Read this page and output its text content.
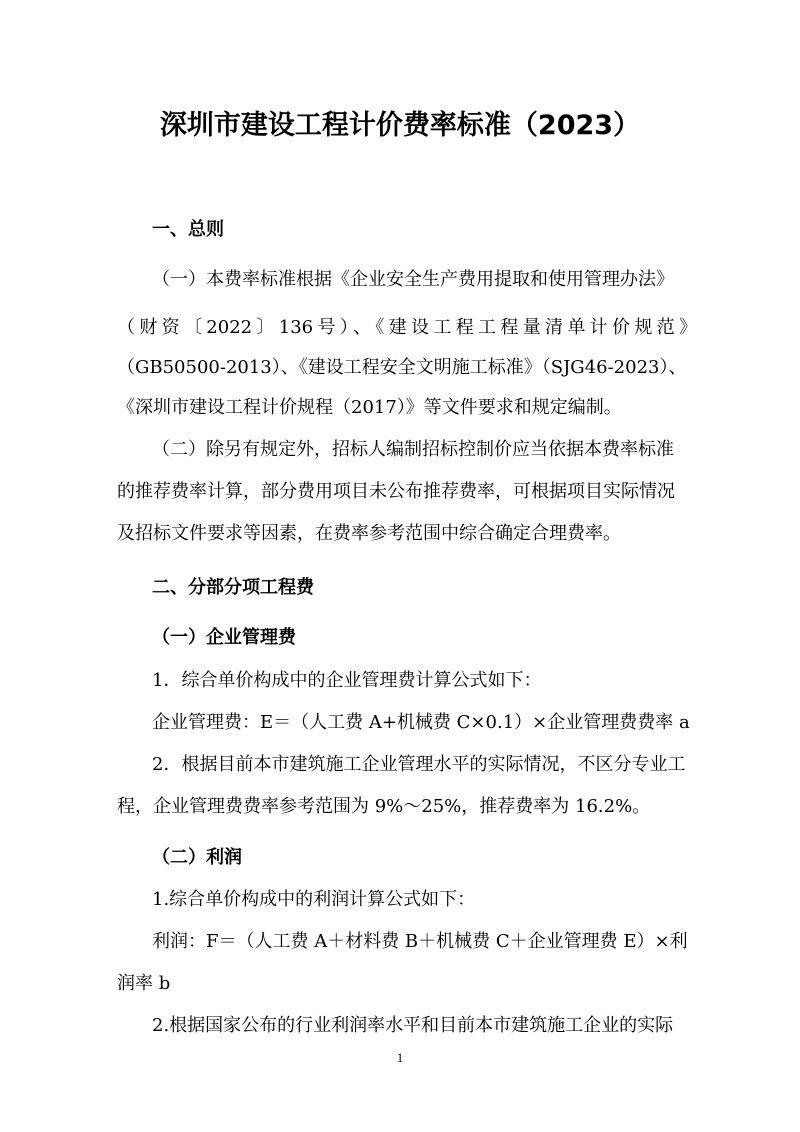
深圳市建设工程计价费率标准（2023）
一、总则
（一）本费率标准根据《企业安全生产费用提取和使用管理办法》
（财资〔2022〕136号）、《建设工程工程量清单计价规范》
（GB50500-2013）、《建设工程安全文明施工标准》（SJG46-2023）、
《深圳市建设工程计价规程（2017）》等文件要求和规定编制。
（二）除另有规定外，招标人编制招标控制价应当依据本费率标准
的推荐费率计算，部分费用项目未公布推荐费率，可根据项目实际情况
及招标文件要求等因素，在费率参考范围中综合确定合理费率。
二、分部分项工程费
（一）企业管理费
1．综合单价构成中的企业管理费计算公式如下：
企业管理费：E＝（人工费 A+机械费 C×0.1）×企业管理费费率 a
2．根据目前本市建筑施工企业管理水平的实际情况，不区分专业工
程，企业管理费费率参考范围为 9%～25%，推荐费率为 16.2%。
（二）利润
1.综合单价构成中的利润计算公式如下：
利润：F＝（人工费 A＋材料费 B＋机械费 C＋企业管理费 E）×利
润率 b
2.根据国家公布的行业利润率水平和目前本市建筑施工企业的实际
1
